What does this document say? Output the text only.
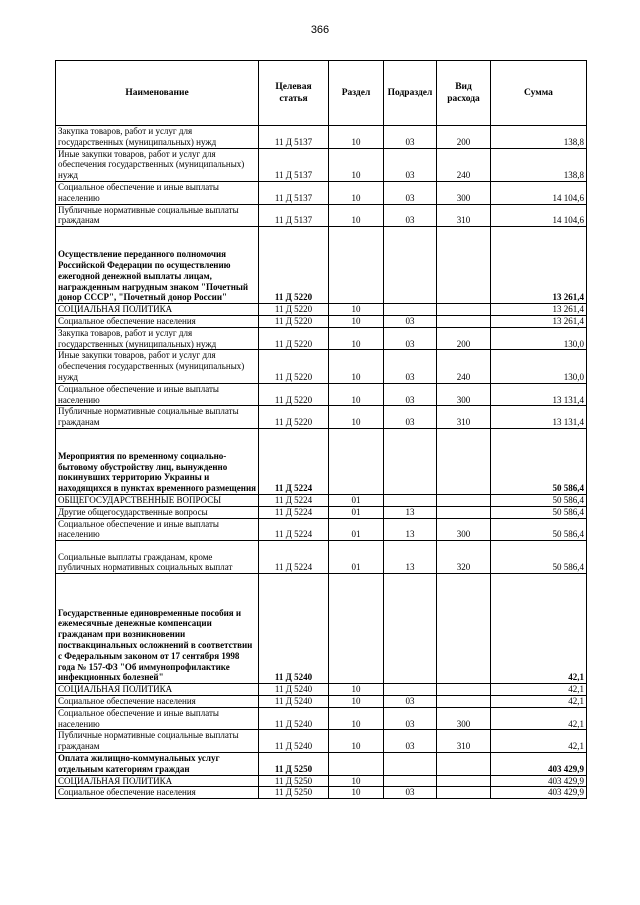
366
Наименование	Целевая статья	Раздел	Подраздел	Вид расхода	Сумма
Закупка товаров, работ и услуг для государственных (муниципальных) нужд	11 Д 5137	10	03	200	138,8
Иные закупки товаров, работ и услуг для обеспечения государственных (муниципальных) нужд	11 Д 5137	10	03	240	138,8
Социальное обеспечение и иные выплаты населению	11 Д 5137	10	03	300	14 104,6
Публичные нормативные социальные выплаты гражданам	11 Д 5137	10	03	310	14 104,6
Осуществление переданного полномочия Российской Федерации по осуществлению ежегодной денежной выплаты лицам, награжденным нагрудным знаком "Почетный донор СССР", "Почетный донор России"	11 Д 5220				13 261,4
СОЦИАЛЬНАЯ ПОЛИТИКА	11 Д 5220	10			13 261,4
Социальное обеспечение населения	11 Д 5220	10	03		13 261,4
Закупка товаров, работ и услуг для государственных (муниципальных) нужд	11 Д 5220	10	03	200	130,0
Иные закупки товаров, работ и услуг для обеспечения государственных (муниципальных) нужд	11 Д 5220	10	03	240	130,0
Социальное обеспечение и иные выплаты населению	11 Д 5220	10	03	300	13 131,4
Публичные нормативные социальные выплаты гражданам	11 Д 5220	10	03	310	13 131,4
Мероприятия по временному социально-бытовому обустройству лиц, вынужденно покинувших территорию Украины и находящихся в пунктах временного размещения	11 Д 5224				50 586,4
ОБЩЕГОСУДАРСТВЕННЫЕ ВОПРОСЫ	11 Д 5224	01			50 586,4
Другие общегосударственные вопросы	11 Д 5224	01	13		50 586,4
Социальное обеспечение и иные выплаты населению	11 Д 5224	01	13	300	50 586,4
Социальные выплаты гражданам, кроме публичных нормативных социальных выплат	11 Д 5224	01	13	320	50 586,4
Государственные единовременные пособия и ежемесячные денежные компенсации гражданам при возникновении поствакцинальных осложнений в соответствии с Федеральным законом от 17 сентября 1998 года № 157-ФЗ "Об иммунопрофилактике инфекционных болезней"	11 Д 5240				42,1
СОЦИАЛЬНАЯ ПОЛИТИКА	11 Д 5240	10			42,1
Социальное обеспечение населения	11 Д 5240	10	03		42,1
Социальное обеспечение и иные выплаты населению	11 Д 5240	10	03	300	42,1
Публичные нормативные социальные выплаты гражданам	11 Д 5240	10	03	310	42,1
Оплата жилищно-коммунальных услуг отдельным категориям граждан	11 Д 5250				403 429,9
СОЦИАЛЬНАЯ ПОЛИТИКА	11 Д 5250	10			403 429,9
Социальное обеспечение населения	11 Д 5250	10	03		403 429,9
